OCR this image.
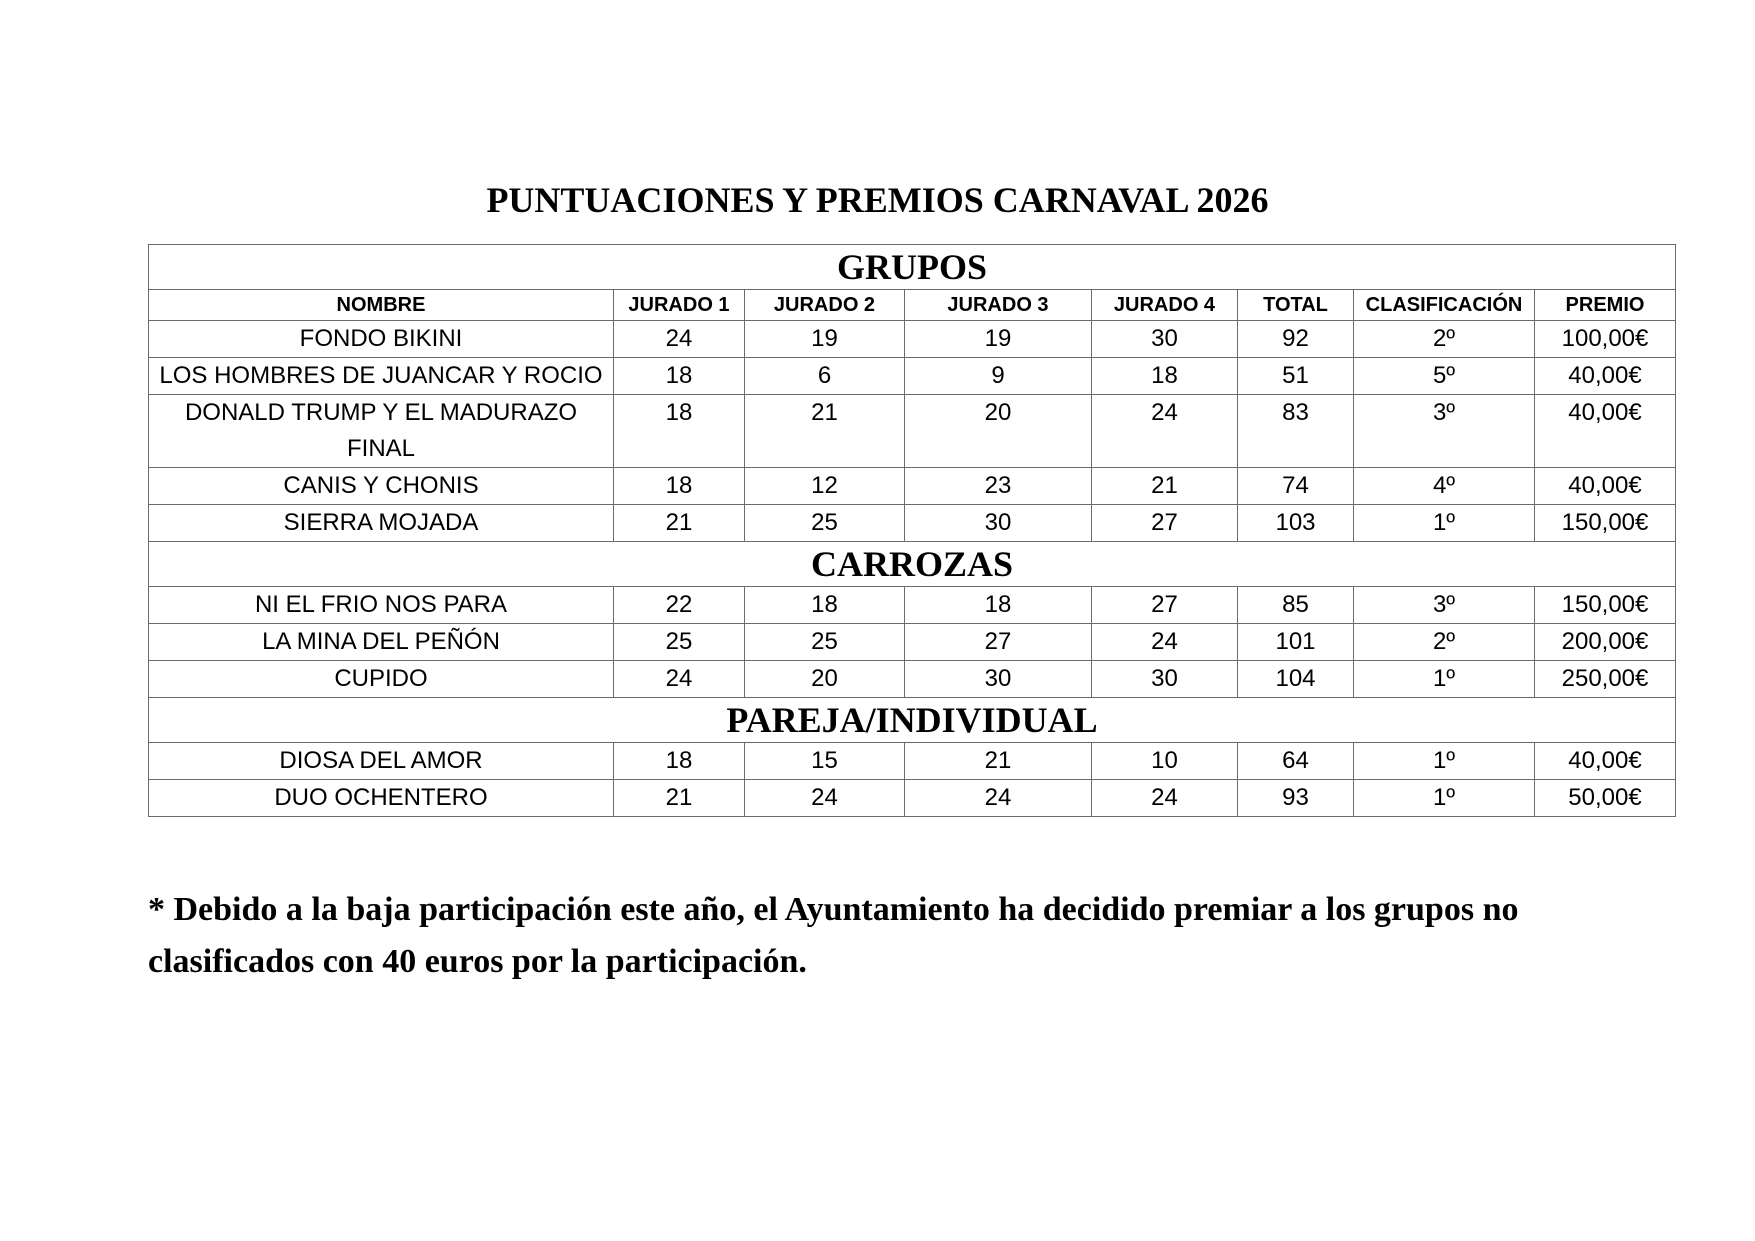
PUNTUACIONES Y PREMIOS CARNAVAL 2026
GRUPOS							
NOMBRE	JURADO 1	JURADO 2	JURADO 3	JURADO 4	TOTAL	CLASIFICACIÓN	PREMIO
FONDO BIKINI	24	19	19	30	92	2º	100,00€
LOS HOMBRES DE JUANCAR Y ROCIO	18	6	9	18	51	5º	40,00€
DONALD TRUMP Y EL MADURAZO FINAL	18	21	20	24	83	3º	40,00€
CANIS Y CHONIS	18	12	23	21	74	4º	40,00€
SIERRA MOJADA	21	25	30	27	103	1º	150,00€
CARROZAS							
NI EL FRIO NOS PARA	22	18	18	27	85	3º	150,00€
LA MINA DEL PEÑÓN	25	25	27	24	101	2º	200,00€
CUPIDO	24	20	30	30	104	1º	250,00€
PAREJA/INDIVIDUAL							
DIOSA DEL AMOR	18	15	21	10	64	1º	40,00€
DUO OCHENTERO	21	24	24	24	93	1º	50,00€

* Debido a la baja participación este año, el Ayuntamiento ha decidido premiar a los grupos no clasificados con 40 euros por la participación.
